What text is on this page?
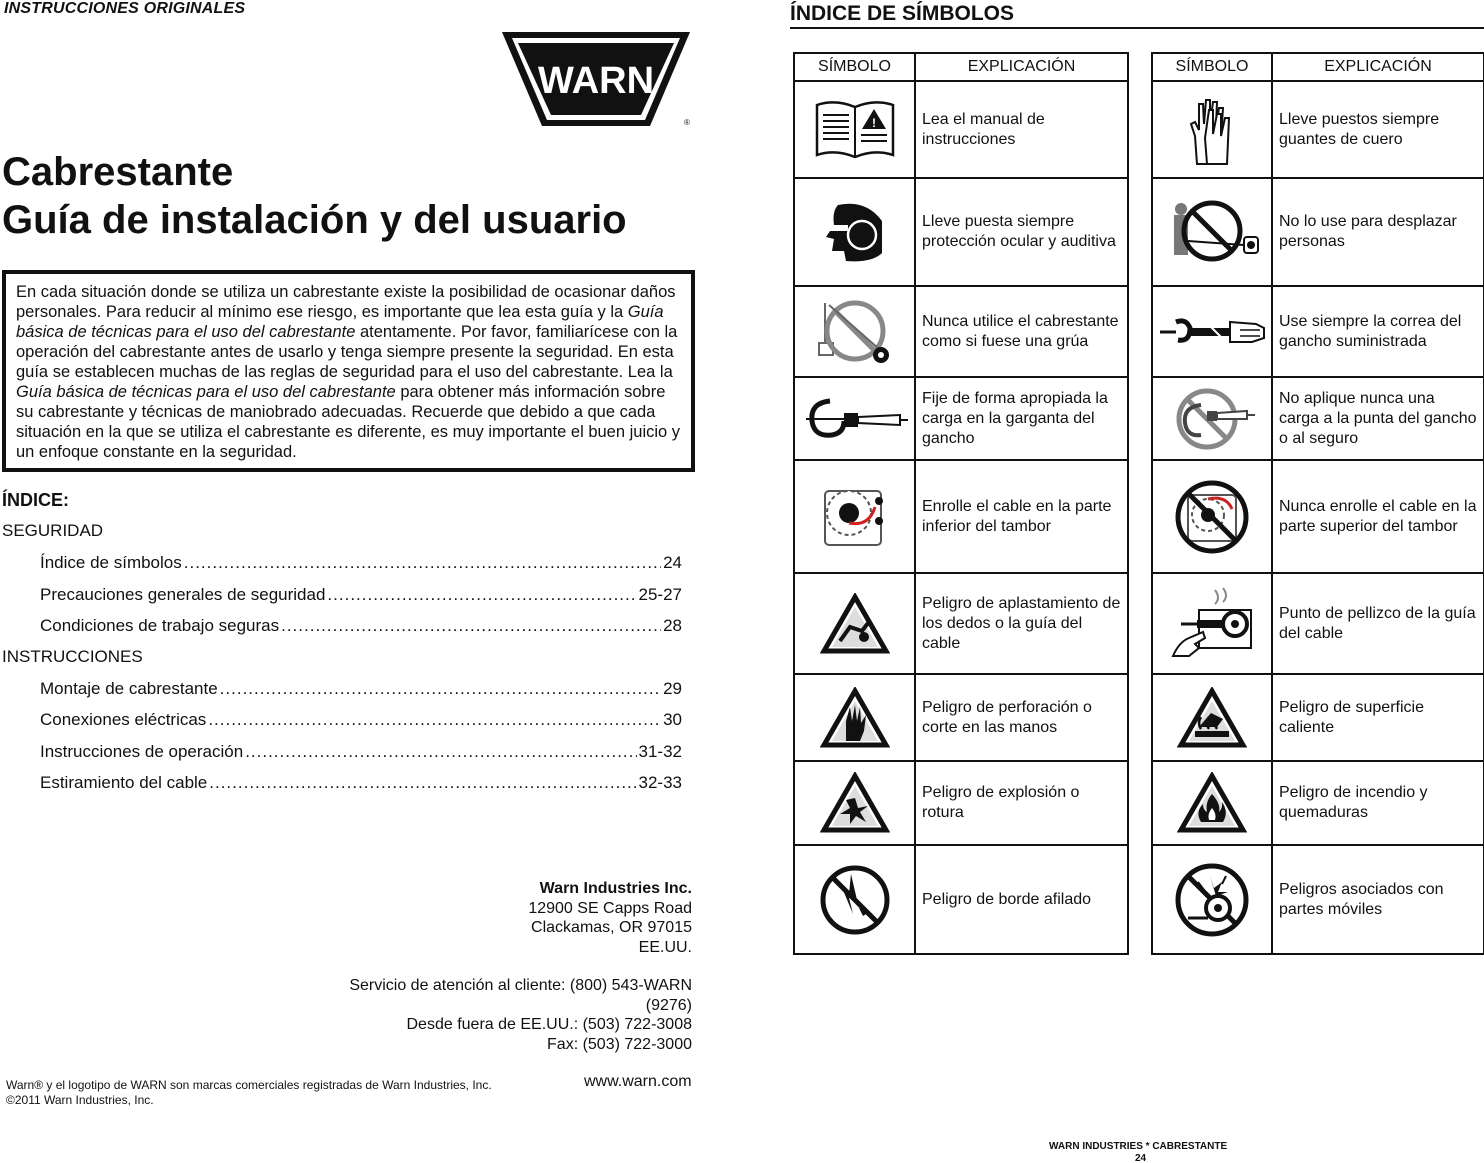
INSTRUCCIONES ORIGINALES
WARN
®
Cabrestante
Guía de instalación y del usuario

En cada situación donde se utiliza un cabrestante existe la posibilidad de ocasionar daños personales. Para reducir al mínimo ese riesgo, es importante que lea esta guía y la Guía básica de técnicas para el uso del cabrestante atentamente. Por favor, familiarícese con la operación del cabrestante antes de usarlo y tenga siempre presente la seguridad. En esta guía se establecen muchas de las reglas de seguridad para el uso del cabrestante. Lea la Guía básica de técnicas para el uso del cabrestante para obtener más información sobre su cabrestante y técnicas de maniobrado adecuadas. Recuerde que debido a que cada situación en la que se utiliza el cabrestante es diferente, es muy importante el buen juicio y un enfoque constante en la seguridad.

ÍNDICE:
SEGURIDAD
Índice de símbolos .....	24
Precauciones generales de seguridad .....	25-27
Condiciones de trabajo seguras .....	28
INSTRUCCIONES
Montaje de cabrestante .....	29
Conexiones eléctricas .....	30
Instrucciones de operación .....	31-32
Estiramiento del cable .....	32-33
Warn Industries Inc.
12900 SE Capps Road
Clackamas, OR 97015
EE.UU.
Servicio de atención al cliente: (800) 543-WARN
(9276)
Desde fuera de EE.UU.: (503) 722-3008
Fax: (503) 722-3000
Warn® y el logotipo de WARN son marcas comerciales registradas de Warn Industries, Inc.
©2011 Warn Industries, Inc.
www.warn.com
ÍNDICE DE SÍMBOLOS
SÍMBOLO	EXPLICACIÓN

!	Lea el manual de instrucciones

	Lleve puesta siempre protección ocular y auditiva

	Nunca utilice el cabrestante como si fuese una grúa

	Fije de forma apropiada la carga en la garganta del gancho

	Enrolle el cable en la parte inferior del tambor

	Peligro de aplastamiento de los dedos o la guía del cable

	Peligro de perforación o corte en las manos

	Peligro de explosión o rotura

	Peligro de borde afilado
SÍMBOLO	EXPLICACIÓN

	Lleve puestos siempre guantes de cuero

	No lo use para desplazar personas

	Use siempre la correa del gancho suministrada

	No aplique nunca una carga a la punta del gancho o al seguro

	Nunca enrolle el cable en la parte superior del tambor

	Punto de pellizco de la guía del cable

	Peligro de superficie caliente

	Peligro de incendio y quemaduras

	Peligros asociados con partes móviles
WARN INDUSTRIES * CABRESTANTE
24
